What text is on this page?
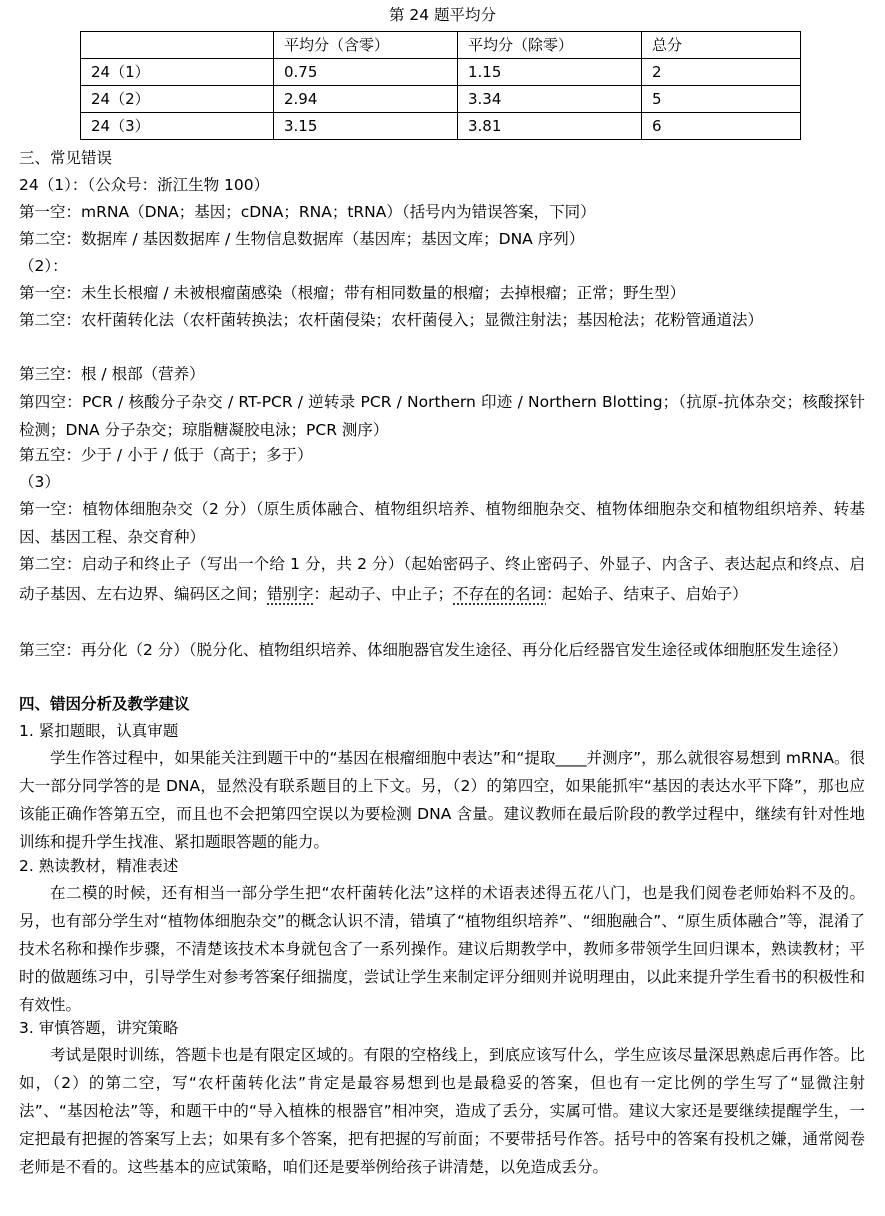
第 24 题平均分
	平均分（含零）	平均分（除零）	总分
24（1）	0.75	1.15	2
24（2）	2.94	3.34	5
24（3）	3.15	3.81	6
三、常见错误
24（1）：（公众号：浙江生物 100）
第一空：mRNA（DNA；基因；cDNA；RNA；tRNA）（括号内为错误答案，下同）
第二空：数据库 / 基因数据库 / 生物信息数据库（基因库；基因文库；DNA 序列）
（2）：
第一空：未生长根瘤 / 未被根瘤菌感染（根瘤；带有相同数量的根瘤；去掉根瘤；正常；野生型）
第二空：农杆菌转化法（农杆菌转换法；农杆菌侵染；农杆菌侵入；显微注射法；基因枪法；花粉管通道法）
第三空：根 / 根部（营养）
第四空：PCR / 核酸分子杂交 / RT-PCR / 逆转录 PCR / Northern 印迹 / Northern Blotting；（抗原-抗体杂交；核酸探针检测；DNA 分子杂交；琼脂糖凝胶电泳；PCR 测序）
第五空：少于 / 小于 / 低于（高于；多于）
（3）
第一空：植物体细胞杂交（2 分）（原生质体融合、植物组织培养、植物细胞杂交、植物体细胞杂交和植物组织培养、转基因、基因工程、杂交育种）
第二空：启动子和终止子（写出一个给 1 分，共 2 分）（起始密码子、终止密码子、外显子、内含子、表达起点和终点、启动子基因、左右边界、编码区之间；错别字：起动子、中止子；不存在的名词：起始子、结束子、启始子）
第三空：再分化（2 分）（脱分化、植物组织培养、体细胞器官发生途径、再分化后经器官发生途径或体细胞胚发生途径）
四、错因分析及教学建议
1. 紧扣题眼，认真审题
学生作答过程中，如果能关注到题干中的“基因在根瘤细胞中表达”和“提取____并测序”，那么就很容易想到 mRNA。很大一部分同学答的是 DNA，显然没有联系题目的上下文。另，（2）的第四空，如果能抓牢“基因的表达水平下降”，那也应该能正确作答第五空，而且也不会把第四空误以为要检测 DNA 含量。建议教师在最后阶段的教学过程中，继续有针对性地训练和提升学生找准、紧扣题眼答题的能力。
2. 熟读教材，精准表述
在二模的时候，还有相当一部分学生把“农杆菌转化法”这样的术语表述得五花八门，也是我们阅卷老师始料不及的。另，也有部分学生对“植物体细胞杂交”的概念认识不清，错填了“植物组织培养”、“细胞融合”、“原生质体融合”等，混淆了技术名称和操作步骤，不清楚该技术本身就包含了一系列操作。建议后期教学中，教师多带领学生回归课本，熟读教材；平时的做题练习中，引导学生对参考答案仔细揣度，尝试让学生来制定评分细则并说明理由，以此来提升学生看书的积极性和有效性。
3. 审慎答题，讲究策略
考试是限时训练，答题卡也是有限定区域的。有限的空格线上，到底应该写什么，学生应该尽量深思熟虑后再作答。比如，（2）的第二空，写“农杆菌转化法”肯定是最容易想到也是最稳妥的答案，但也有一定比例的学生写了“显微注射法”、“基因枪法”等，和题干中的“导入植株的根器官”相冲突，造成了丢分，实属可惜。建议大家还是要继续提醒学生，一定把最有把握的答案写上去；如果有多个答案，把有把握的写前面；不要带括号作答。括号中的答案有投机之嫌，通常阅卷老师是不看的。这些基本的应试策略，咱们还是要举例给孩子讲清楚，以免造成丢分。
